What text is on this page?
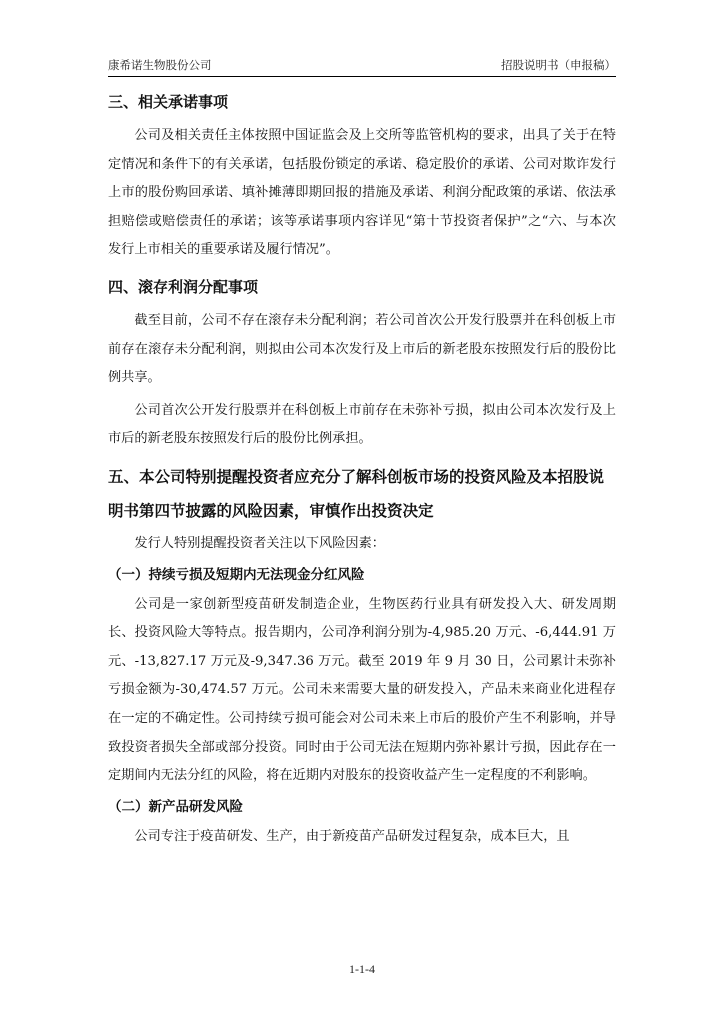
康希诺生物股份公司	招股说明书（申报稿）
三、相关承诺事项

公司及相关责任主体按照中国证监会及上交所等监管机构的要求，出具了关于在特定情况和条件下的有关承诺，包括股份锁定的承诺、稳定股价的承诺、公司对欺诈发行上市的股份购回承诺、填补摊薄即期回报的措施及承诺、利润分配政策的承诺、依法承担赔偿或赔偿责任的承诺；该等承诺事项内容详见“第十节投资者保护”之“六、与本次发行上市相关的重要承诺及履行情况”。

四、滚存利润分配事项

截至目前，公司不存在滚存未分配利润；若公司首次公开发行股票并在科创板上市前存在滚存未分配利润，则拟由公司本次发行及上市后的新老股东按照发行后的股份比例共享。

公司首次公开发行股票并在科创板上市前存在未弥补亏损，拟由公司本次发行及上市后的新老股东按照发行后的股份比例承担。

五、本公司特别提醒投资者应充分了解科创板市场的投资风险及本招股说明书第四节披露的风险因素，审慎作出投资决定

发行人特别提醒投资者关注以下风险因素：

（一）持续亏损及短期内无法现金分红风险

公司是一家创新型疫苗研发制造企业，生物医药行业具有研发投入大、研发周期长、投资风险大等特点。报告期内，公司净利润分别为-4,985.20 万元、-6,444.91 万元、-13,827.17 万元及-9,347.36 万元。截至 2019 年 9 月 30 日，公司累计未弥补亏损金额为-30,474.57 万元。公司未来需要大量的研发投入，产品未来商业化进程存在一定的不确定性。公司持续亏损可能会对公司未来上市后的股价产生不利影响，并导致投资者损失全部或部分投资。同时由于公司无法在短期内弥补累计亏损，因此存在一定期间内无法分红的风险，将在近期内对股东的投资收益产生一定程度的不利影响。

（二）新产品研发风险

公司专注于疫苗研发、生产，由于新疫苗产品研发过程复杂，成本巨大，且

1-1-4
